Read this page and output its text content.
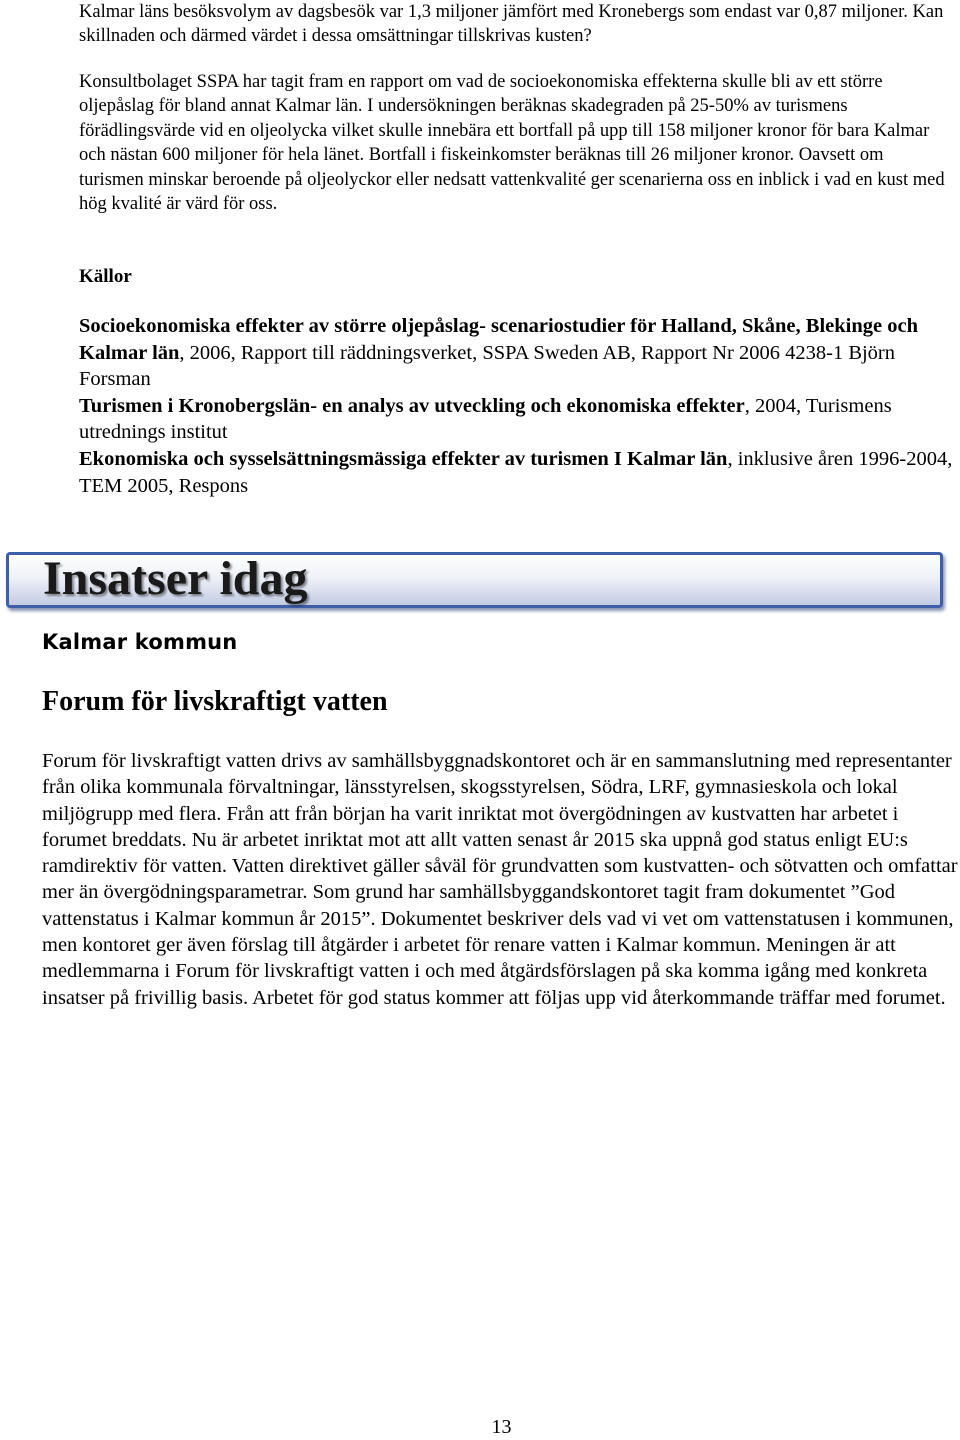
Kalmar läns besöksvolym av dagsbesök var 1,3 miljoner jämfört med Kronebergs som endast var 0,87 miljoner. Kan skillnaden och därmed värdet i dessa omsättningar tillskrivas kusten?
Konsultbolaget SSPA har tagit fram en rapport om vad de socioekonomiska effekterna skulle bli av ett större oljepåslag för bland annat Kalmar län. I undersökningen beräknas skadegraden på 25-50% av turismens förädlingsvärde vid en oljeolycka vilket skulle innebära ett bortfall på upp till 158 miljoner kronor för bara Kalmar och nästan 600 miljoner för hela länet. Bortfall i fiskeinkomster beräknas till 26 miljoner kronor. Oavsett om turismen minskar beroende på oljeolyckor eller nedsatt vattenkvalité ger scenarierna oss en inblick i vad en kust med hög kvalité är värd för oss.
Källor

Socioekonomiska effekter av större oljepåslag- scenariostudier för Halland, Skåne, Blekinge och Kalmar län, 2006, Rapport till räddningsverket, SSPA Sweden AB, Rapport Nr 2006 4238-1 Björn Forsman

Turismen i Kronobergslän- en analys av utveckling och ekonomiska effekter, 2004, Turismens utrednings institut

Ekonomiska och sysselsättningsmässiga effekter av turismen I Kalmar län, inklusive åren 1996-2004, TEM 2005, Respons

Insatser idag
Kalmar kommun
Forum för livskraftigt vatten
Forum för livskraftigt vatten drivs av samhällsbyggnadskontoret och är en sammanslutning med representanter från olika kommunala förvaltningar, länsstyrelsen, skogsstyrelsen, Södra, LRF, gymnasieskola och lokal miljögrupp med flera. Från att från början ha varit inriktat mot övergödningen av kustvatten har arbetet i forumet breddats. Nu är arbetet inriktat mot att allt vatten senast år 2015 ska uppnå god status enligt EU:s ramdirektiv för vatten. Vatten direktivet gäller såväl för grundvatten som kustvatten- och sötvatten och omfattar mer än övergödningsparametrar. Som grund har samhällsbyggandskontoret tagit fram dokumentet ”God vattenstatus i Kalmar kommun år 2015”. Dokumentet beskriver dels vad vi vet om vattenstatusen i kommunen, men kontoret ger även förslag till åtgärder i arbetet för renare vatten i Kalmar kommun. Meningen är att medlemmarna i Forum för livskraftigt vatten i och med åtgärdsförslagen på ska komma igång med konkreta insatser på frivillig basis. Arbetet för god status kommer att följas upp vid återkommande träffar med forumet.
13
